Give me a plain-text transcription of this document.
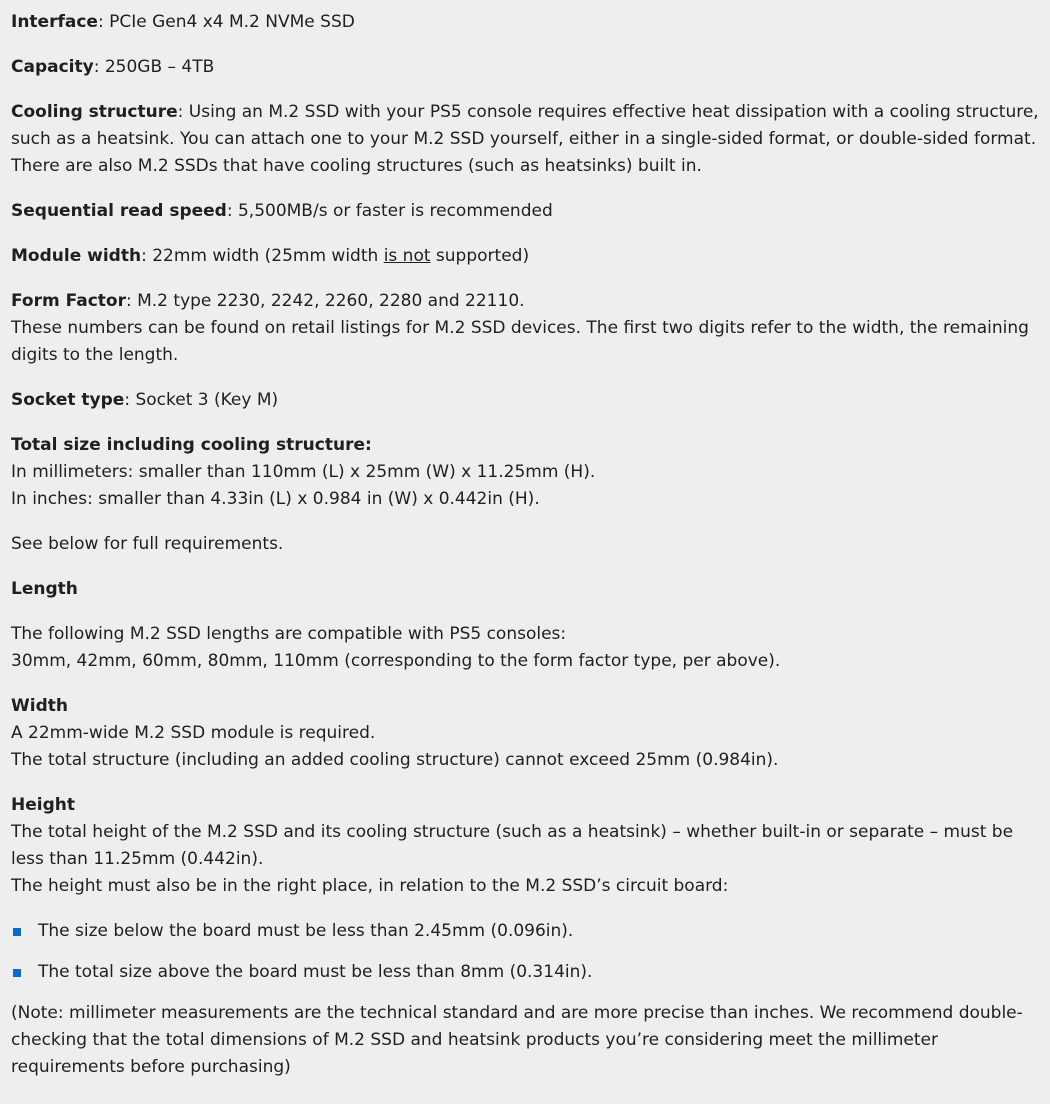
Interface: PCIe Gen4 x4 M.2 NVMe SSD

Capacity: 250GB – 4TB

Cooling structure: Using an M.2 SSD with your PS5 console requires effective heat dissipation with a cooling structure,

such as a heatsink. You can attach one to your M.2 SSD yourself, either in a single-sided format, or double-sided format.

There are also M.2 SSDs that have cooling structures (such as heatsinks) built in.

Sequential read speed: 5,500MB/s or faster is recommended

Module width: 22mm width (25mm width is not supported)

Form Factor: M.2 type 2230, 2242, 2260, 2280 and 22110.

These numbers can be found on retail listings for M.2 SSD devices. The first two digits refer to the width, the remaining

digits to the length.

Socket type: Socket 3 (Key M)

Total size including cooling structure:

In millimeters: smaller than 110mm (L) x 25mm (W) x 11.25mm (H).

In inches: smaller than 4.33in (L) x 0.984 in (W) x 0.442in (H).

See below for full requirements.

Length

The following M.2 SSD lengths are compatible with PS5 consoles:

30mm, 42mm, 60mm, 80mm, 110mm (corresponding to the form factor type, per above).

Width

A 22mm-wide M.2 SSD module is required.

The total structure (including an added cooling structure) cannot exceed 25mm (0.984in).

Height

The total height of the M.2 SSD and its cooling structure (such as a heatsink) – whether built-in or separate – must be

less than 11.25mm (0.442in).

The height must also be in the right place, in relation to the M.2 SSD’s circuit board:

The size below the board must be less than 2.45mm (0.096in).
The total size above the board must be less than 8mm (0.314in).

(Note: millimeter measurements are the technical standard and are more precise than inches. We recommend double-

checking that the total dimensions of M.2 SSD and heatsink products you’re considering meet the millimeter

requirements before purchasing)
